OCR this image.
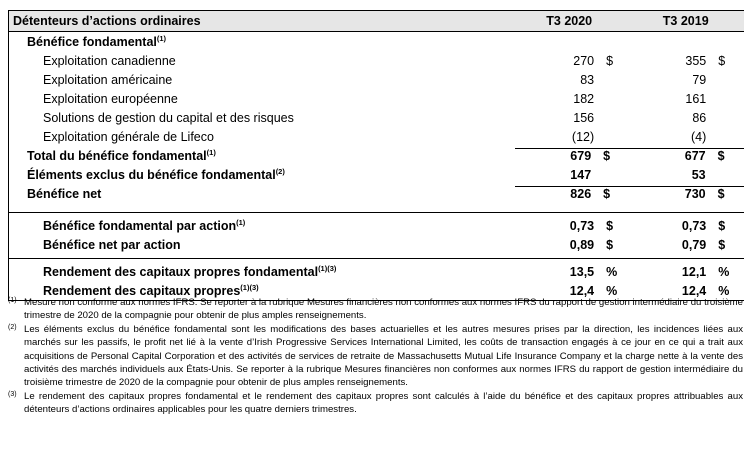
Détenteurs d’actions ordinaires	T3 2020	T3 2019
Bénéfice fondamental$^{(1)}$
Exploitation canadienne	270 $	355 $
Exploitation américaine	83	79
Exploitation européenne	182	161
Solutions de gestion du capital et des risques	156	86
Exploitation générale de Lifeco	(12)	(4)
Total du bénéfice fondamental$^{(1)}$	679 $	677 $
Éléments exclus du bénéfice fondamental$^{(2)}$	147	53
Bénéfice net	826 $	730 $
Bénéfice fondamental par action$^{(1)}$	0,73 $	0,73 $
Bénéfice net par action	0,89 $	0,79 $
Rendement des capitaux propres fondamental$^{(1)(3)}$	13,5 %	12,1 %
Rendement des capitaux propres$^{(1)(3)}$	12,4 %	12,4 %
(1) Mesure non conforme aux normes IFRS. Se reporter à la rubrique Mesures financières non conformes aux normes IFRS du rapport de gestion intermédiaire du troisième trimestre de 2020 de la compagnie pour obtenir de plus amples renseignements.
(2) Les éléments exclus du bénéfice fondamental sont les modifications des bases actuarielles et les autres mesures prises par la direction, les incidences liées aux marchés sur les passifs, le profit net lié à la vente d’Irish Progressive Services International Limited, les coûts de transaction engagés à ce jour en ce qui a trait aux acquisitions de Personal Capital Corporation et des activités de services de retraite de Massachusetts Mutual Life Insurance Company et la charge nette à la vente des activités des marchés individuels aux États-Unis. Se reporter à la rubrique Mesures financières non conformes aux normes IFRS du rapport de gestion intermédiaire du troisième trimestre de 2020 de la compagnie pour obtenir de plus amples renseignements.
(3) Le rendement des capitaux propres fondamental et le rendement des capitaux propres sont calculés à l’aide du bénéfice et des capitaux propres attribuables aux détenteurs d’actions ordinaires applicables pour les quatre derniers trimestres.
